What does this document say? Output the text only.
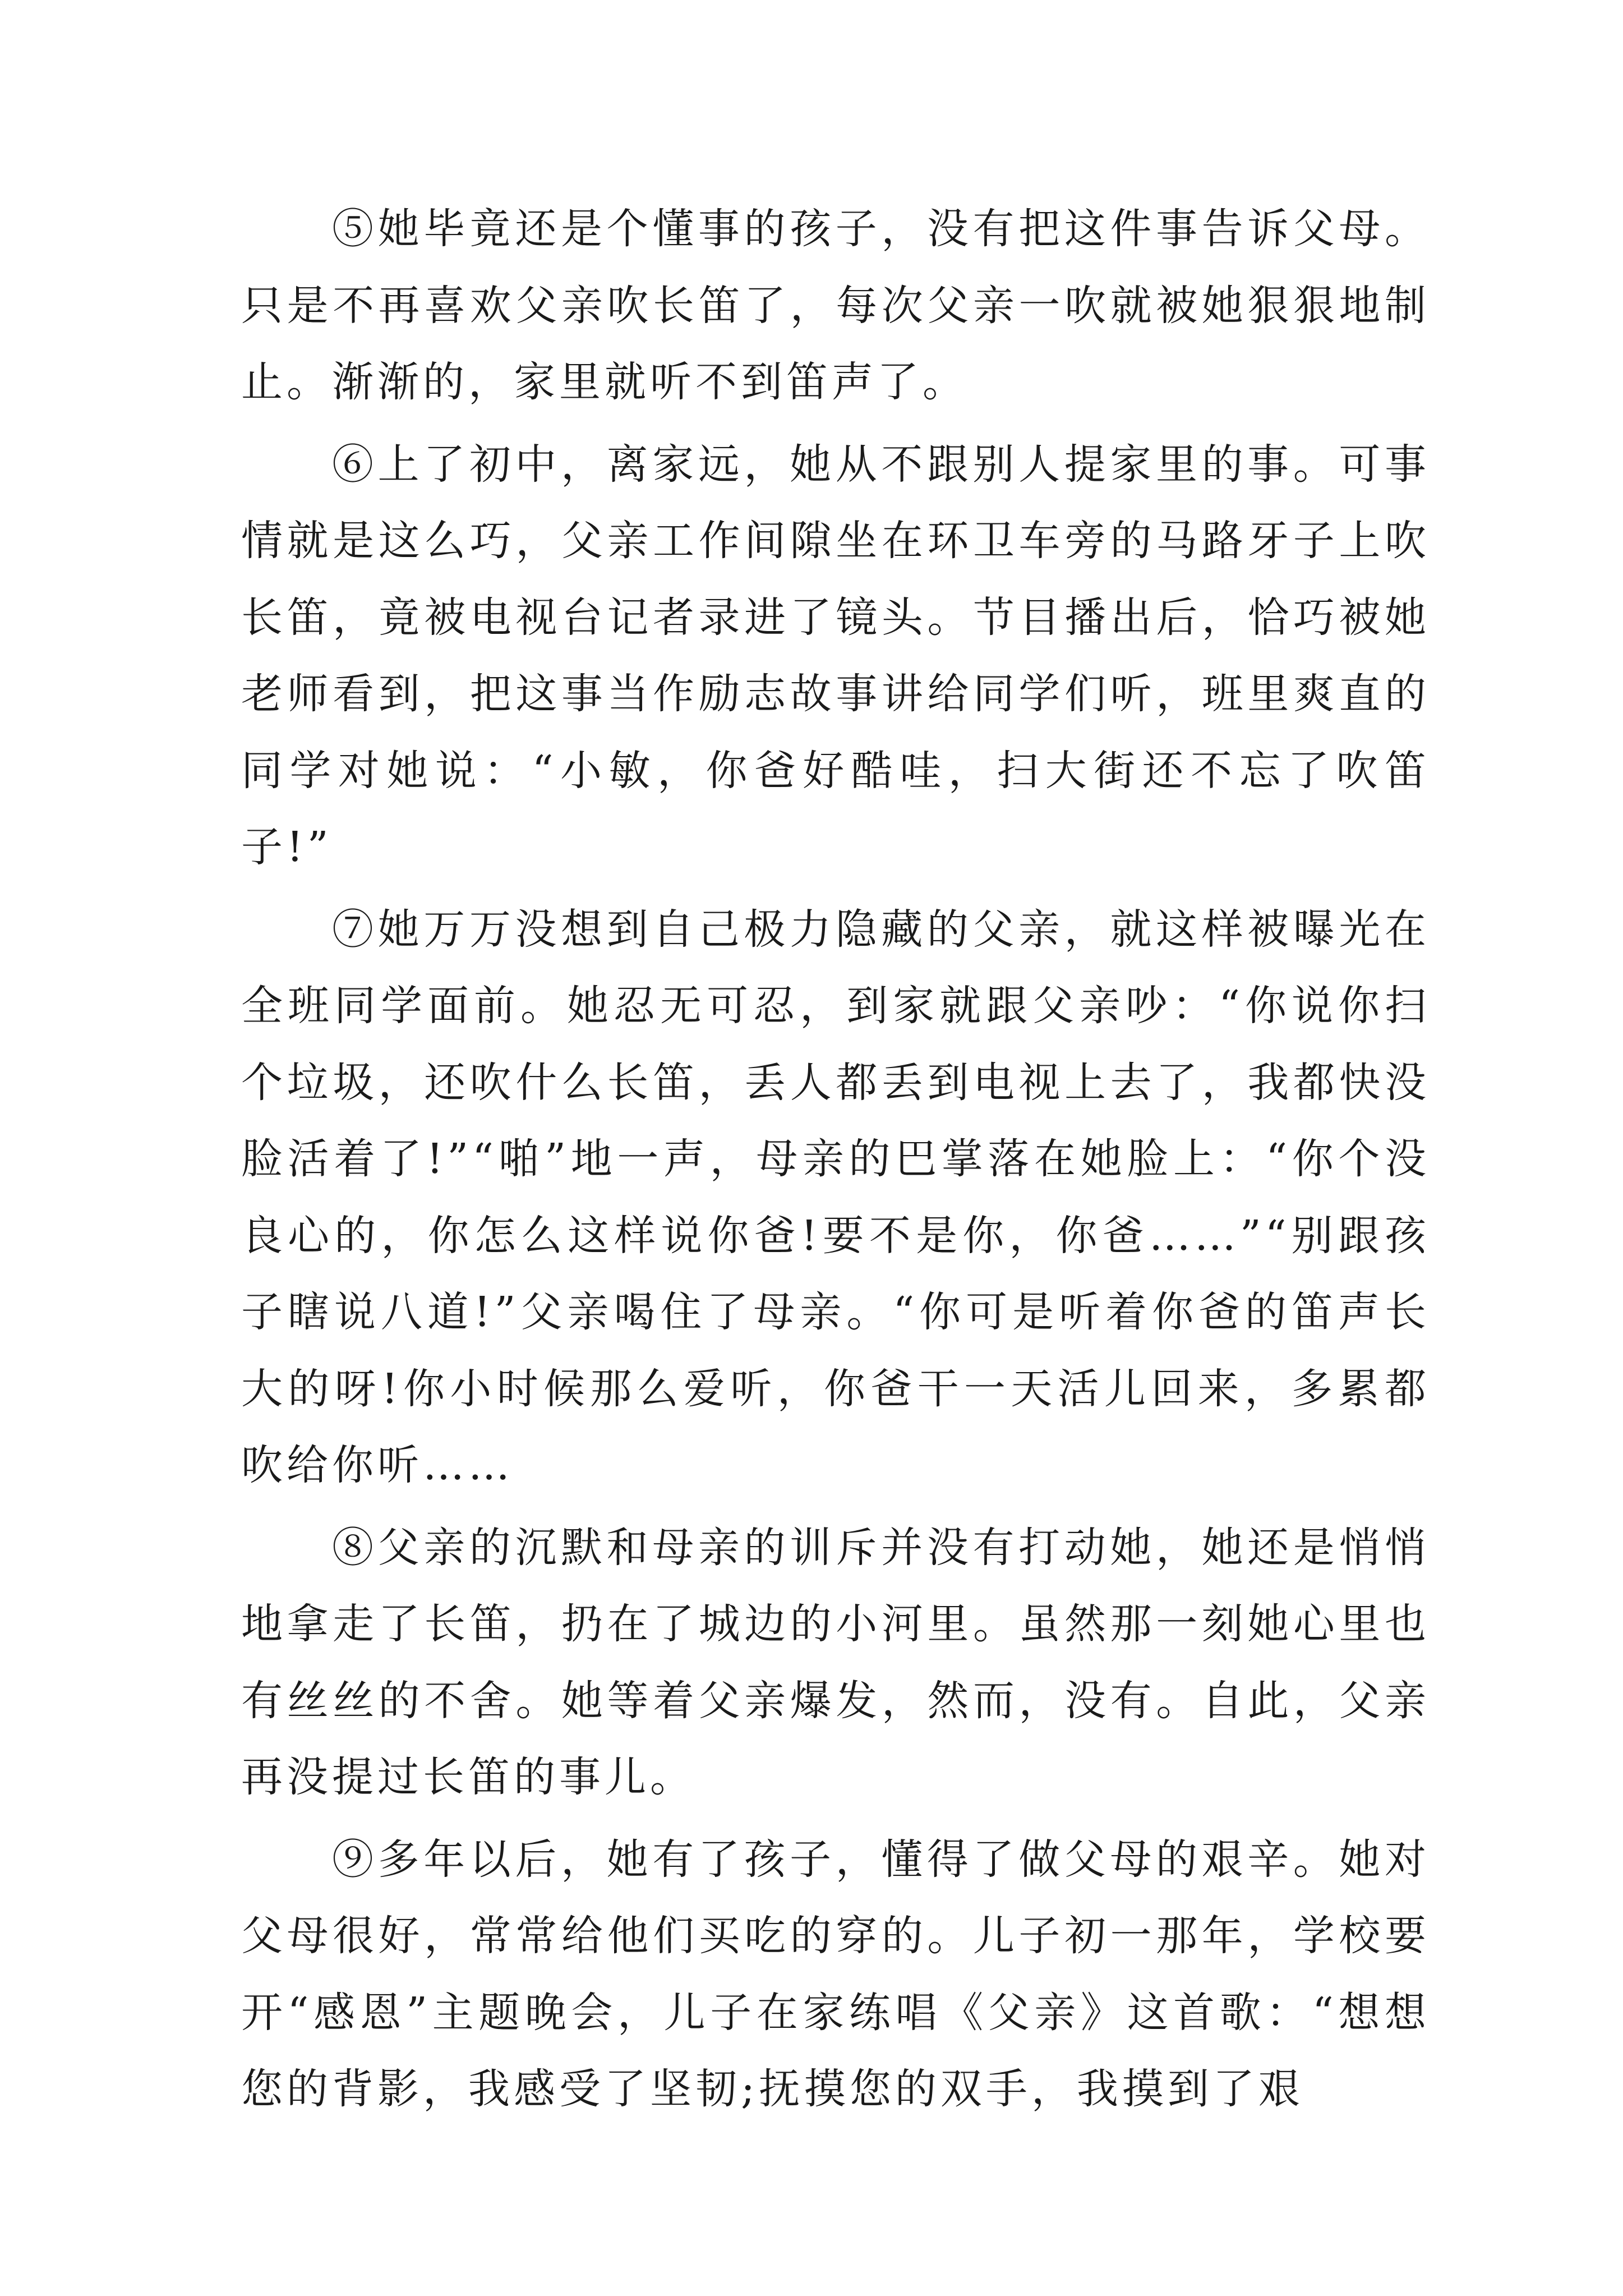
⑤她毕竟还是个懂事的孩子，没有把这件事告诉父母。只是不再喜欢父亲吹长笛了，每次父亲一吹就被她狠狠地制止。渐渐的，家里就听不到笛声了。

⑥上了初中，离家远，她从不跟别人提家里的事。可事情就是这么巧，父亲工作间隙坐在环卫车旁的马路牙子上吹长笛，竟被电视台记者录进了镜头。节目播出后，恰巧被她老师看到，把这事当作励志故事讲给同学们听，班里爽直的同学对她说：“小敏，你爸好酷哇，扫大街还不忘了吹笛子!”

⑦她万万没想到自己极力隐藏的父亲，就这样被曝光在全班同学面前。她忍无可忍，到家就跟父亲吵：“你说你扫个垃圾，还吹什么长笛，丢人都丢到电视上去了，我都快没脸活着了!”“啪”地一声，母亲的巴掌落在她脸上：“你个没良心的，你怎么这样说你爸!要不是你，你爸……”“别跟孩子瞎说八道!”父亲喝住了母亲。“你可是听着你爸的笛声长大的呀!你小时候那么爱听，你爸干一天活儿回来，多累都吹给你听……

⑧父亲的沉默和母亲的训斥并没有打动她，她还是悄悄地拿走了长笛，扔在了城边的小河里。虽然那一刻她心里也有丝丝的不舍。她等着父亲爆发，然而，没有。自此，父亲再没提过长笛的事儿。

⑨多年以后，她有了孩子，懂得了做父母的艰辛。她对父母很好，常常给他们买吃的穿的。儿子初一那年，学校要开“感恩”主题晚会，儿子在家练唱《父亲》这首歌：“想想您的背影，我感受了坚韧;抚摸您的双手，我摸到了艰
